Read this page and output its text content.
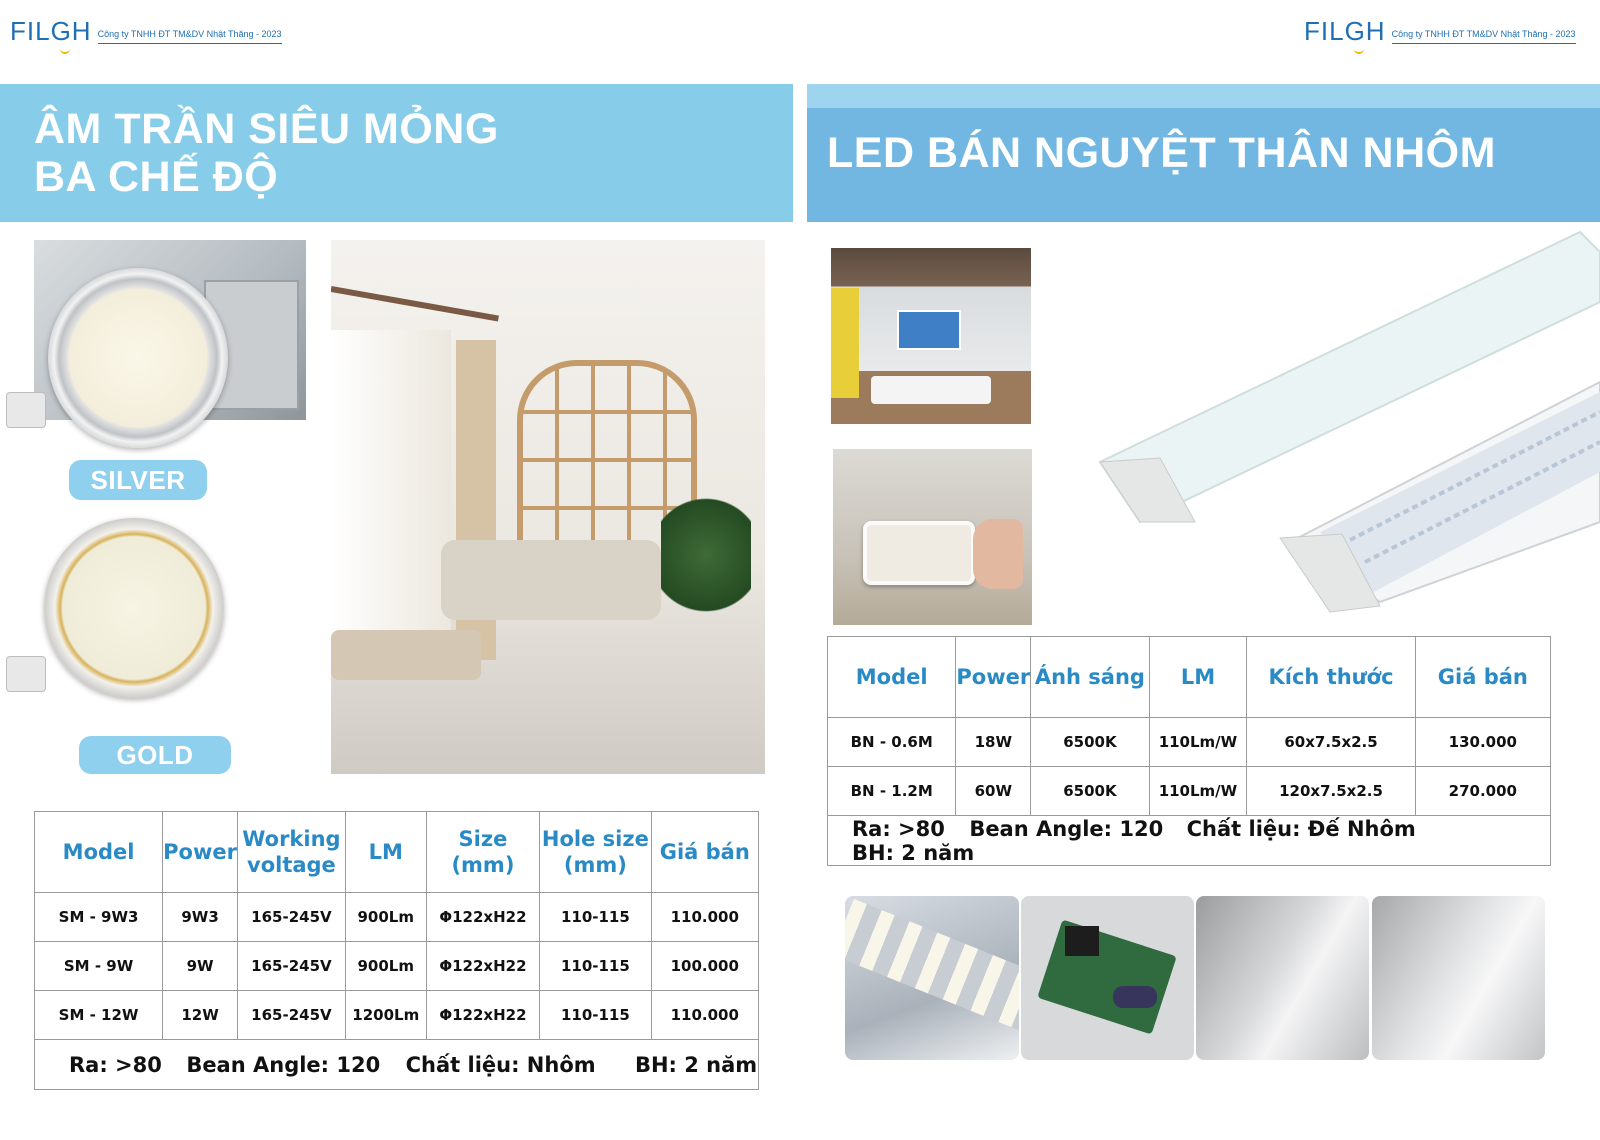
FILGH Công ty TNHH ĐT TM&DV Nhật Thăng - 2023	FILGH Công ty TNHH ĐT TM&DV Nhật Thăng - 2023
ÂM TRẦN SIÊU MỎNG
BA CHẾ ĐỘ	LED BÁN NGUYỆT THÂN NHÔM
SILVER
GOLD
Model	Power	Working voltage	LM	Size (mm)	Hole size (mm)	Giá bán
SM - 9W3	9W3	165-245V	900Lm	Φ122xH22	110-115	110.000
SM - 9W	9W	165-245V	900Lm	Φ122xH22	110-115	100.000
SM - 12W	12W	165-245V	1200Lm	Φ122xH22	110-115	110.000
Ra: >80 Bean Angle: 120 Chất liệu: Nhôm BH: 2 năm						
Model	Power	Ánh sáng	LM	Kích thước	Giá bán
BN - 0.6M	18W	6500K	110Lm/W	60x7.5x2.5	130.000
BN - 1.2M	60W	6500K	110Lm/W	120x7.5x2.5	270.000
Ra: >80 Bean Angle: 120 Chất liệu: Đế Nhôm BH: 2 năm					
